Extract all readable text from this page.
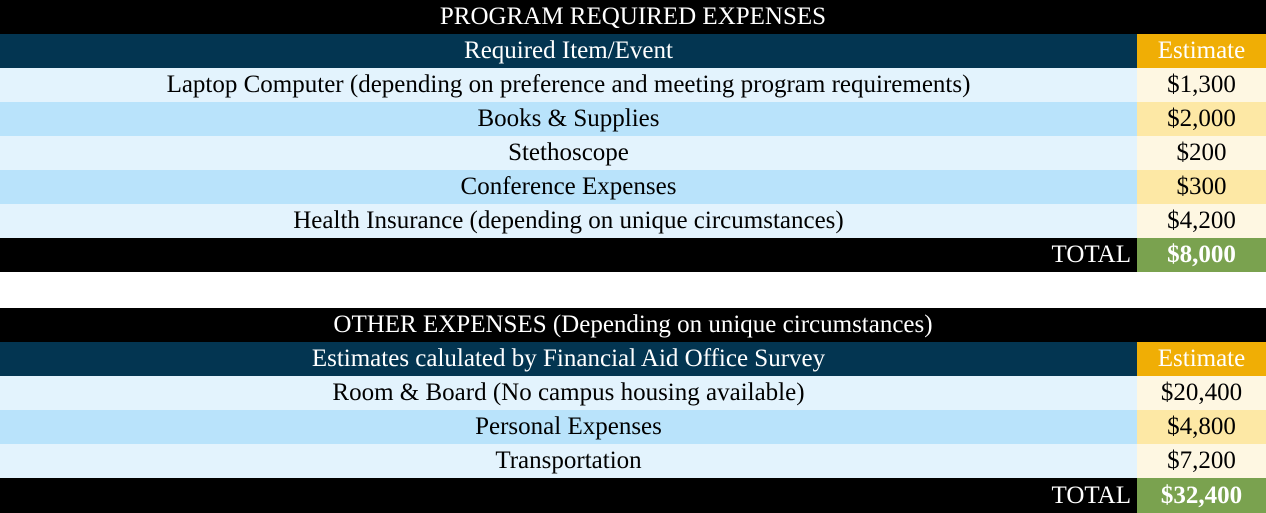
PROGRAM REQUIRED EXPENSES
Required Item/Event	Estimate
Laptop Computer (depending on preference and meeting program requirements)	$1,300
Books & Supplies	$2,000
Stethoscope	$200
Conference Expenses	$300
Health Insurance (depending on unique circumstances)	$4,200
TOTAL	$8,000
OTHER EXPENSES (Depending on unique circumstances)
Estimates calulated by Financial Aid Office Survey	Estimate
Room & Board (No campus housing available)	$20,400
Personal Expenses	$4,800
Transportation	$7,200
TOTAL	$32,400
